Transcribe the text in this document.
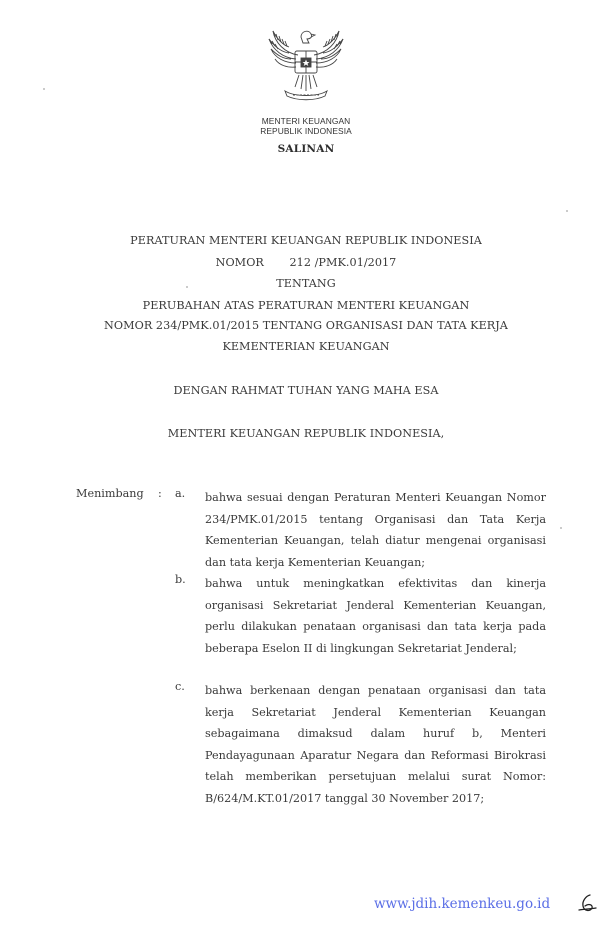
MENTERI KEUANGAN
REPUBLIK INDONESIA
SALINAN
PERATURAN MENTERI KEUANGAN REPUBLIK INDONESIA
NOMOR 212 /PMK.01/2017
TENTANG
PERUBAHAN ATAS PERATURAN MENTERI KEUANGAN
NOMOR 234/PMK.01/2015 TENTANG ORGANISASI DAN TATA KERJA
KEMENTERIAN KEUANGAN
DENGAN RAHMAT TUHAN YANG MAHA ESA
MENTERI KEUANGAN REPUBLIK INDONESIA,
Menimbang : a. bahwa sesuai dengan Peraturan Menteri Keuangan Nomor 234/PMK.01/2015 tentang Organisasi dan Tata Kerja Kementerian Keuangan, telah diatur mengenai organisasi dan tata kerja Kementerian Keuangan;
b. bahwa untuk meningkatkan efektivitas dan kinerja organisasi Sekretariat Jenderal Kementerian Keuangan, perlu dilakukan penataan organisasi dan tata kerja pada beberapa Eselon II di lingkungan Sekretariat Jenderal;
c. bahwa berkenaan dengan penataan organisasi dan tata kerja Sekretariat Jenderal Kementerian Keuangan sebagaimana dimaksud dalam huruf b, Menteri Pendayagunaan Aparatur Negara dan Reformasi Birokrasi telah memberikan persetujuan melalui surat Nomor: B/624/M.KT.01/2017 tanggal 30 November 2017;
www.jdih.kemenkeu.go.id
